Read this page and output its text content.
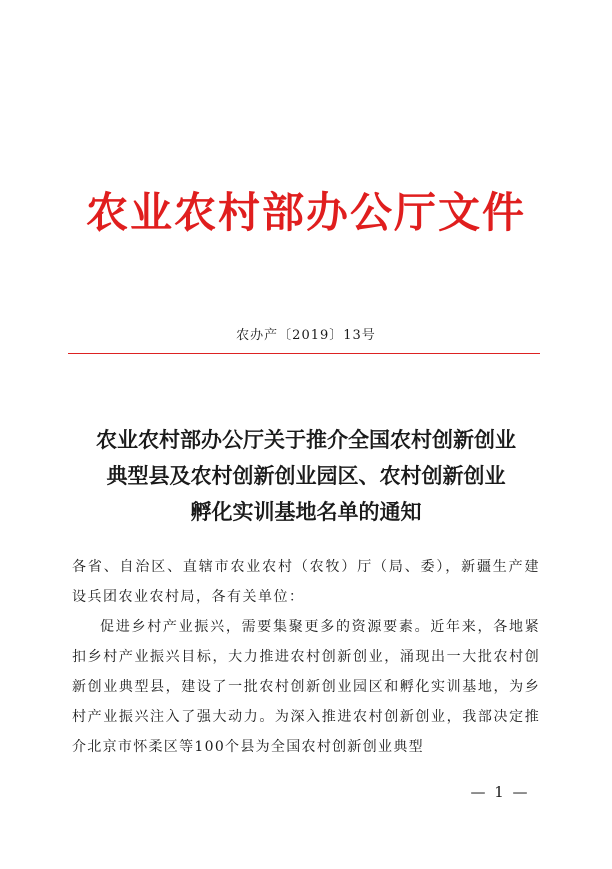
农业农村部办公厅文件
农办产〔2019〕13号
农业农村部办公厅关于推介全国农村创新创业
典型县及农村创新创业园区、农村创新创业
孵化实训基地名单的通知
各省、自治区、直辖市农业农村（农牧）厅（局、委），新疆生产建设兵团农业农村局，各有关单位：
促进乡村产业振兴，需要集聚更多的资源要素。近年来，各地紧扣乡村产业振兴目标，大力推进农村创新创业，涌现出一大批农村创新创业典型县，建设了一批农村创新创业园区和孵化实训基地，为乡村产业振兴注入了强大动力。为深入推进农村创新创业，我部决定推介北京市怀柔区等100个县为全国农村创新创业典型
— 1 —
